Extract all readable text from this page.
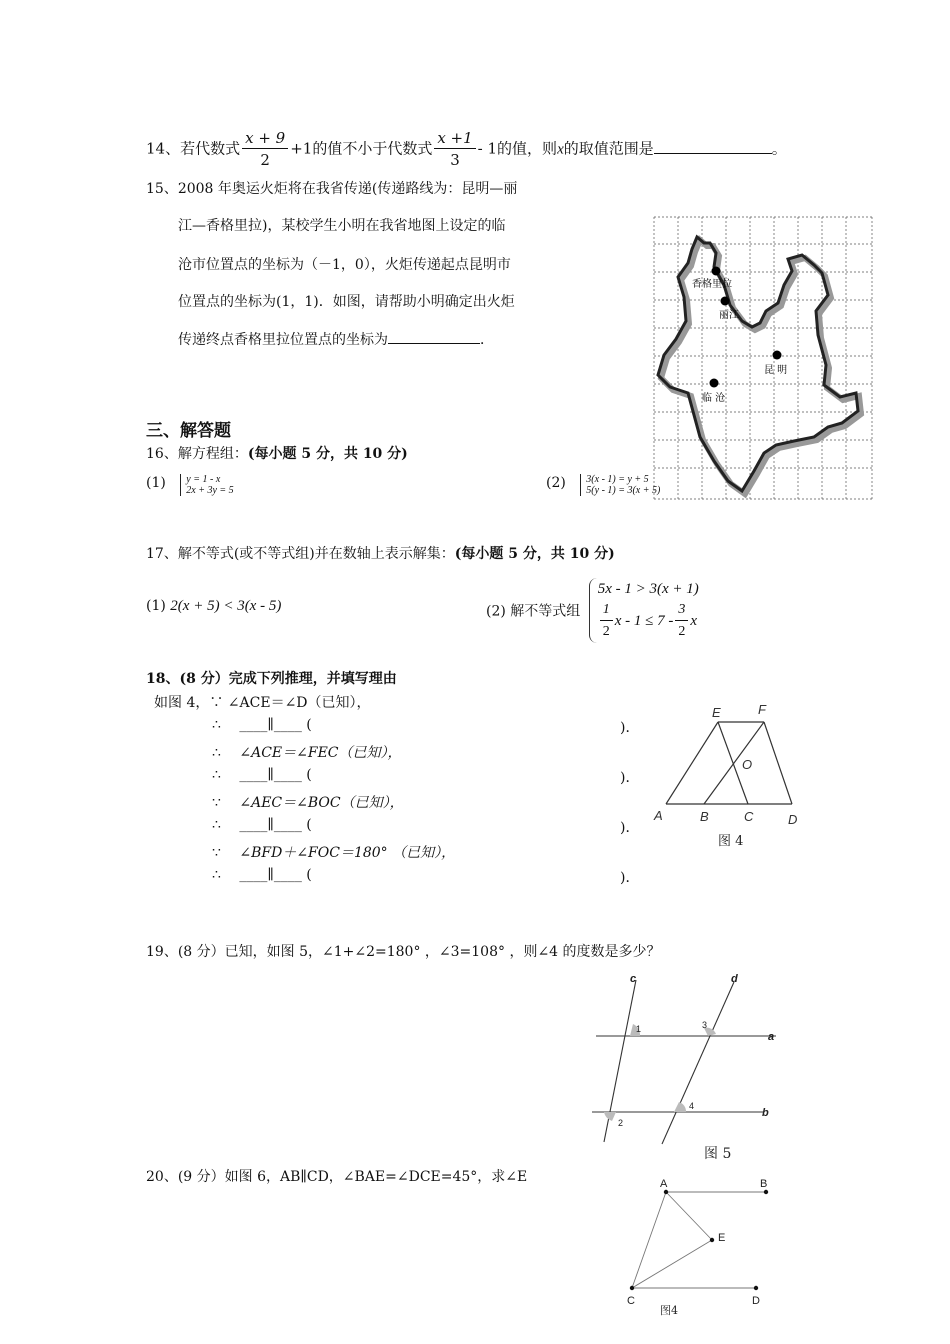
14、若代数式 $\frac{x + 9}{2} +1$的值不小于代数式 $\frac{x +1}{3} - 1$的值，则x的取值范围是	。
15、2008 年奥运火炬将在我省传递(传递路线为：昆明—丽
江—香格里拉)，某校学生小明在我省地图上设定的临
沧市位置点的坐标为（－1，0），火炬传递起点昆明市
位置点的坐标为(1，1)．如图，请帮助小明确定出火炬
传递终点香格里拉位置点的坐标为	．
香格里拉
丽江
昆 明
临 沧
三、解答题
16、解方程组：(每小题 5 分，共 10 分)
(1) y = 1 - x
2x + 3y = 5	(2) 3(x - 1) = y + 5
5(y - 1) = 3(x + 5)
17、解不等式(或不等式组)并在数轴上表示解集：(每小题 5 分，共 10 分)
(1) 2(x + 5) < 3(x - 5)	(2) 解不等式组
5x - 1 > 3(x + 1)
$\frac{1}{2}$ $x - 1 \le 7 - \frac{3}{2}$ x
18、(8 分）完成下列推理，并填写理由
如图 4，∵ ∠ACE＝∠D（已知），
∴ ____∥____ (	)．
∴ ∠ACE＝∠FEC（已知），
∴ ____∥____ (	)．
∵ ∠AEC＝∠BOC（已知），
∴ ____∥____ (	)．
∵ ∠BFD＋∠FOC＝180° （已知），
∴ ____∥____ (	)．
E	F
O
A	B	C	D
图 4
19、(8 分）已知，如图 5，∠1+∠2=180° ，∠3=108° ，则∠4 的度数是多少？
c	d
a
b
1
2
3
4
图 5
20、(9 分）如图 6，AB∥CD，∠BAE=∠DCE=45°，求∠E	A	B
E
C	D
图4
